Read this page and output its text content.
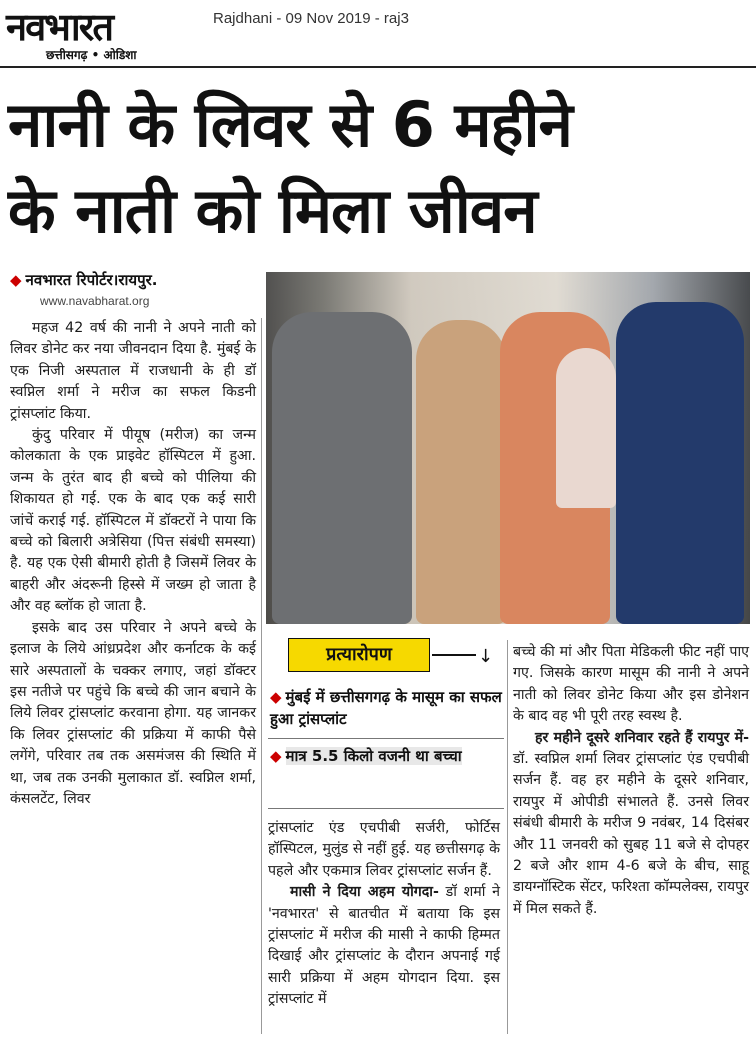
नवभारत
छत्तीसगढ़ • ओडिशा
Rajdhani - 09 Nov 2019 - raj3
नानी के लिवर से 6 महीने
के नाती को मिला जीवन
◆ नवभारत रिपोर्टर।रायपुर.
www.navabharat.org

महज 42 वर्ष की नानी ने अपने नाती को लिवर डोनेट कर नया जीवनदान दिया है. मुंबई के एक निजी अस्पताल में राजधानी के ही डॉ स्वप्निल शर्मा ने मरीज का सफल किडनी ट्रांसप्लांट किया.

कुंदु परिवार में पीयूष (मरीज) का जन्म कोलकाता के एक प्राइवेट हॉस्पिटल में हुआ. जन्म के तुरंत बाद ही बच्चे को पीलिया की शिकायत हो गई. एक के बाद एक कई सारी जांचें कराई गई. हॉस्पिटल में डॉक्टरों ने पाया कि बच्चे को बिलारी अत्रेसिया (पित्त संबंधी समस्या) है. यह एक ऐसी बीमारी होती है जिसमें लिवर के बाहरी और अंदरूनी हिस्से में जख्म हो जाता है और वह ब्लॉक हो जाता है.

इसके बाद उस परिवार ने अपने बच्चे के इलाज के लिये आंध्रप्रदेश और कर्नाटक के कई सारे अस्पतालों के चक्कर लगाए, जहां डॉक्टर इस नतीजे पर पहुंचे कि बच्चे की जान बचाने के लिये लिवर ट्रांसप्लांट करवाना होगा. यह जानकर कि लिवर ट्रांसप्लांट की प्रक्रिया में काफी पैसे लगेंगे, परिवार तब तक असमंजस की स्थिति में था, जब तक उनकी मुलाकात डॉ. स्वप्निल शर्मा, कंसलटेंट, लिवर

प्रत्यारोपण	↓
◆ मुंबई में छत्तीसगगढ़ के मासूम का सफल हुआ ट्रांसप्लांट
◆ मात्र 5.5 किलो वजनी था बच्चा

ट्रांसप्लांट एंड एचपीबी सर्जरी, फोर्टिस हॉस्पिटल, मुलुंड से नहीं हुई. यह छत्तीसगढ़ के पहले और एकमात्र लिवर ट्रांसप्लांट सर्जन हैं.

मासी ने दिया अहम योगदा- डॉ शर्मा ने 'नवभारत' से बातचीत में बताया कि इस ट्रांसप्लांट में मरीज की मासी ने काफी हिम्मत दिखाई और ट्रांसप्लांट के दौरान अपनाई गई सारी प्रक्रिया में अहम योगदान दिया. इस ट्रांसप्लांट में

बच्चे की मां और पिता मेडिकली फीट नहीं पाए गए. जिसके कारण मासूम की नानी ने अपने नाती को लिवर डोनेट किया और इस डोनेशन के बाद वह भी पूरी तरह स्वस्थ है.

हर महीने दूसरे शनिवार रहते हैं रायपुर में- डॉ. स्वप्निल शर्मा लिवर ट्रांसप्लांट एंड एचपीबी सर्जन हैं. वह हर महीने के दूसरे शनिवार, रायपुर में ओपीडी संभालते हैं. उनसे लिवर संबंधी बीमारी के मरीज 9 नवंबर, 14 दिसंबर और 11 जनवरी को सुबह 11 बजे से दोपहर 2 बजे और शाम 4-6 बजे के बीच, साहू डायग्नॉस्टिक सेंटर, फरिश्ता कॉम्पलेक्स, रायपुर में मिल सकते हैं.
